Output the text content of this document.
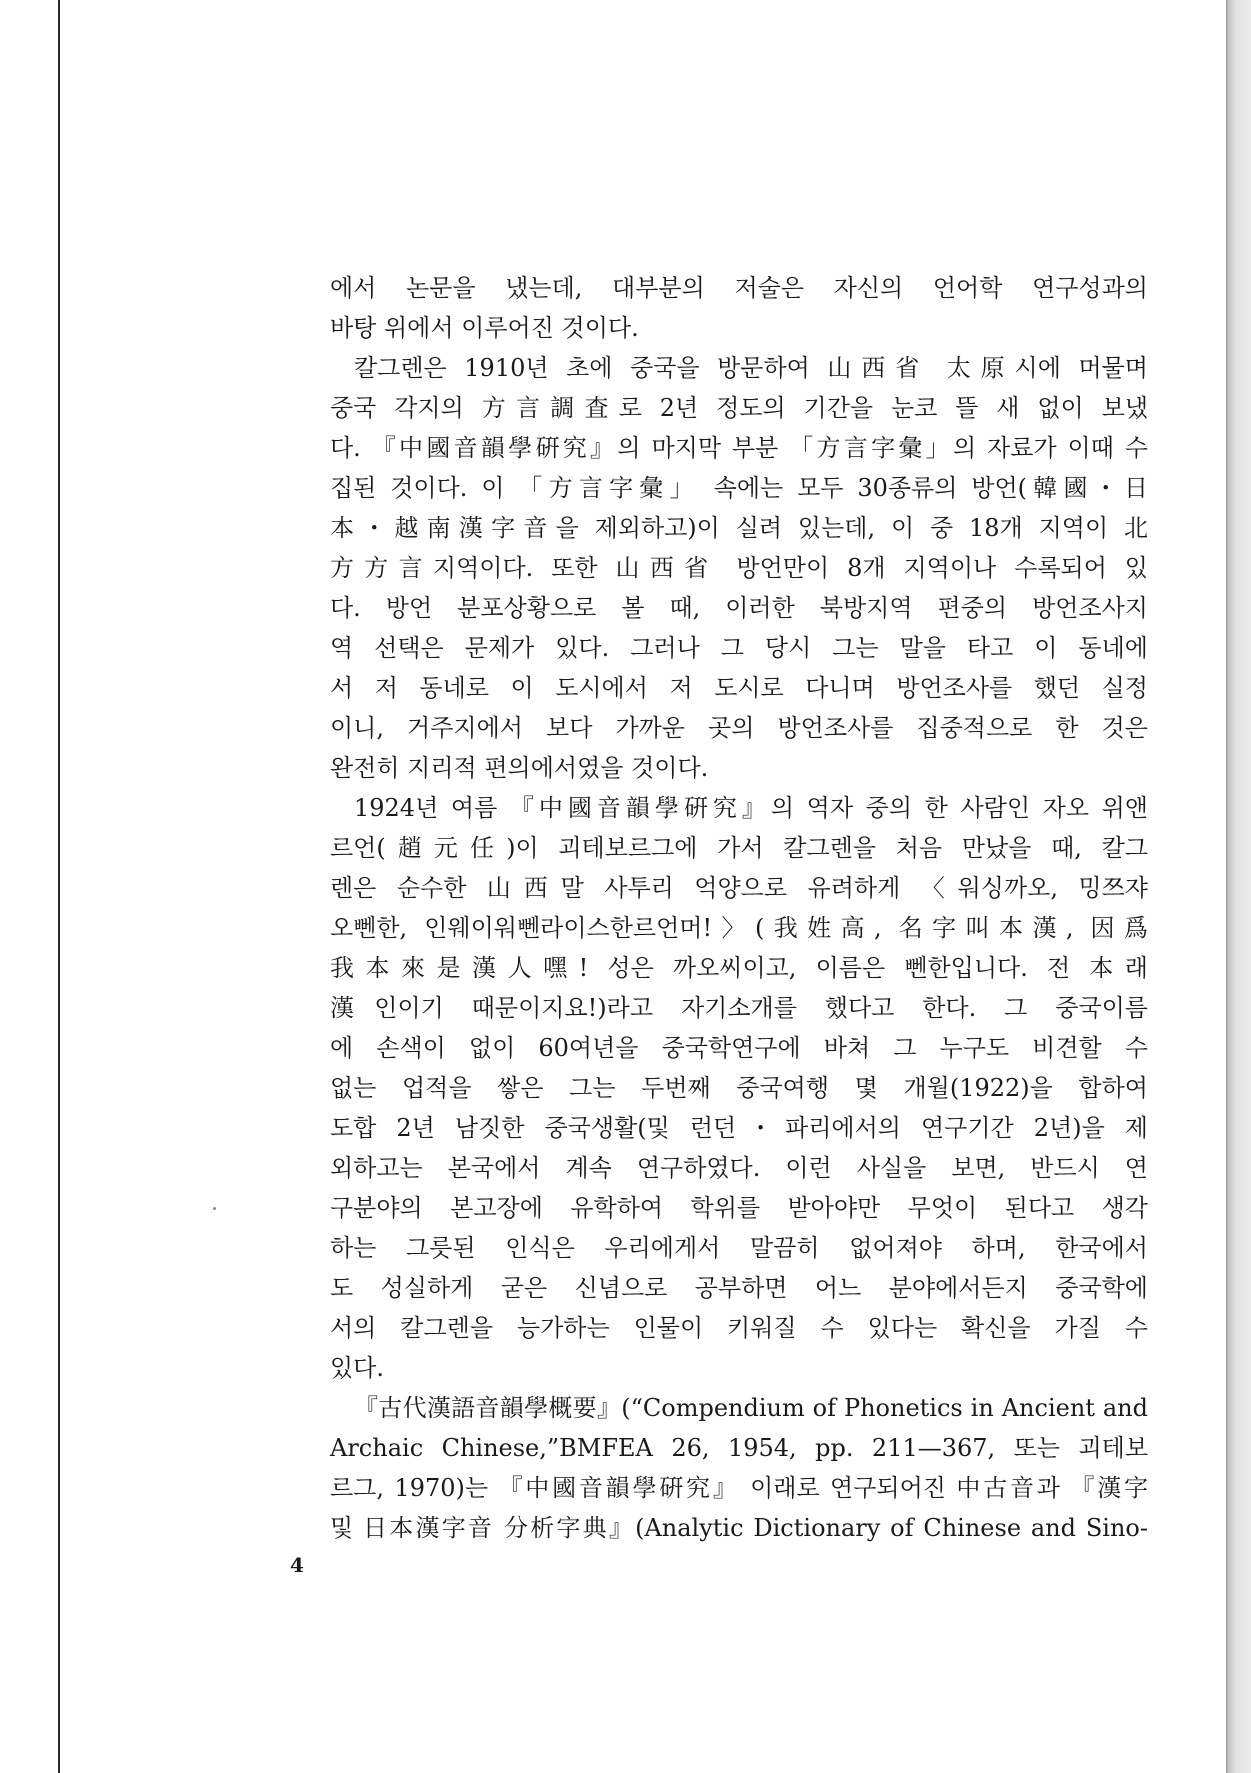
에서 논문을 냈는데, 대부분의 저술은 자신의 언어학 연구성과의
바탕 위에서 이루어진 것이다.
칼그렌은 1910년 초에 중국을 방문하여 山西省 太原시에 머물며
중국 각지의 方言調査로 2년 정도의 기간을 눈코 뜰 새 없이 보냈
다. 『中國音韻學硏究』의 마지막 부분 「方言字彙」의 자료가 이때 수
집된 것이다. 이 「方言字彙」 속에는 모두 30종류의 방언(韓國・日
本・越南漢字音을 제외하고)이 실려 있는데, 이 중 18개 지역이 北
方方言지역이다. 또한 山西省 방언만이 8개 지역이나 수록되어 있
다. 방언 분포상황으로 볼 때, 이러한 북방지역 편중의 방언조사지
역 선택은 문제가 있다. 그러나 그 당시 그는 말을 타고 이 동네에
서 저 동네로 이 도시에서 저 도시로 다니며 방언조사를 했던 실정
이니, 거주지에서 보다 가까운 곳의 방언조사를 집중적으로 한 것은
완전히 지리적 편의에서였을 것이다.
1924년 여름 『中國音韻學硏究』의 역자 중의 한 사람인 자오 위앤
르언(趙元任)이 괴테보르그에 가서 칼그렌을 처음 만났을 때, 칼그
렌은 순수한 山西말 사투리 억양으로 유려하게 〈워싱까오, 밍쯔쟈
오뻰한, 인웨이워뻰라이스한르언머!〉(我姓高, 名字叫本漢, 因爲
我本來是漢人嘿! 성은 까오씨이고, 이름은 뻰한입니다. 전 本래
漢인이기 때문이지요!)라고 자기소개를 했다고 한다. 그 중국이름
에 손색이 없이 60여년을 중국학연구에 바쳐 그 누구도 비견할 수
없는 업적을 쌓은 그는 두번째 중국여행 몇 개월(1922)을 합하여
도합 2년 남짓한 중국생활(및 런던・파리에서의 연구기간 2년)을 제
외하고는 본국에서 계속 연구하였다. 이런 사실을 보면, 반드시 연
구분야의 본고장에 유학하여 학위를 받아야만 무엇이 된다고 생각
하는 그릇된 인식은 우리에게서 말끔히 없어져야 하며, 한국에서
도 성실하게 굳은 신념으로 공부하면 어느 분야에서든지 중국학에
서의 칼그렌을 능가하는 인물이 키워질 수 있다는 확신을 가질 수
있다.
『古代漢語音韻學概要』(“Compendium of Phonetics in Ancient and
Archaic Chinese,”BMFEA 26, 1954, pp. 211—367, 또는 괴테보
르그, 1970)는 『中國音韻學硏究』 이래로 연구되어진 中古音과 『漢字
및 日本漢字音 分析字典』(Analytic Dictionary of Chinese and Sino-
4
